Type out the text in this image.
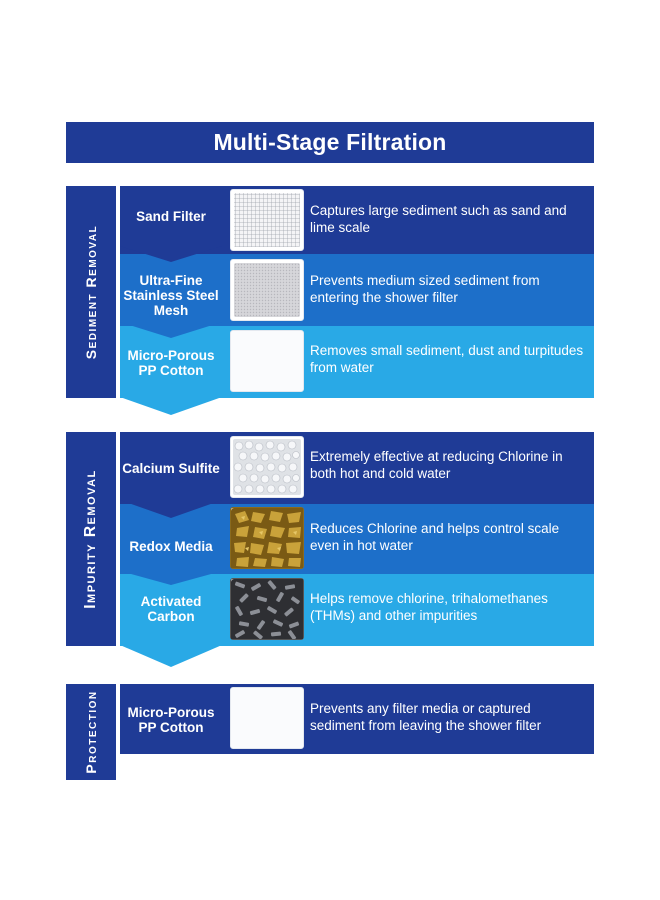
Multi-Stage Filtration
Sediment Removal
Sand Filter	Captures large sediment such as sand and lime scale
Ultra-Fine Stainless Steel Mesh
Prevents medium sized sediment from entering the shower filter
Micro-Porous PP Cotton
Removes small sediment, dust and turpitudes from water
Impurity Removal
Calcium Sulfite
Extremely effective at reducing Chlorine in both hot and cold water
Redox Media
Reduces Chlorine and helps control scale even in hot water
Activated Carbon
Helps remove chlorine, trihalomethanes (THMs) and other impurities
Protection	Micro-Porous PP Cotton
Prevents any filter media or captured sediment from leaving the shower filter
